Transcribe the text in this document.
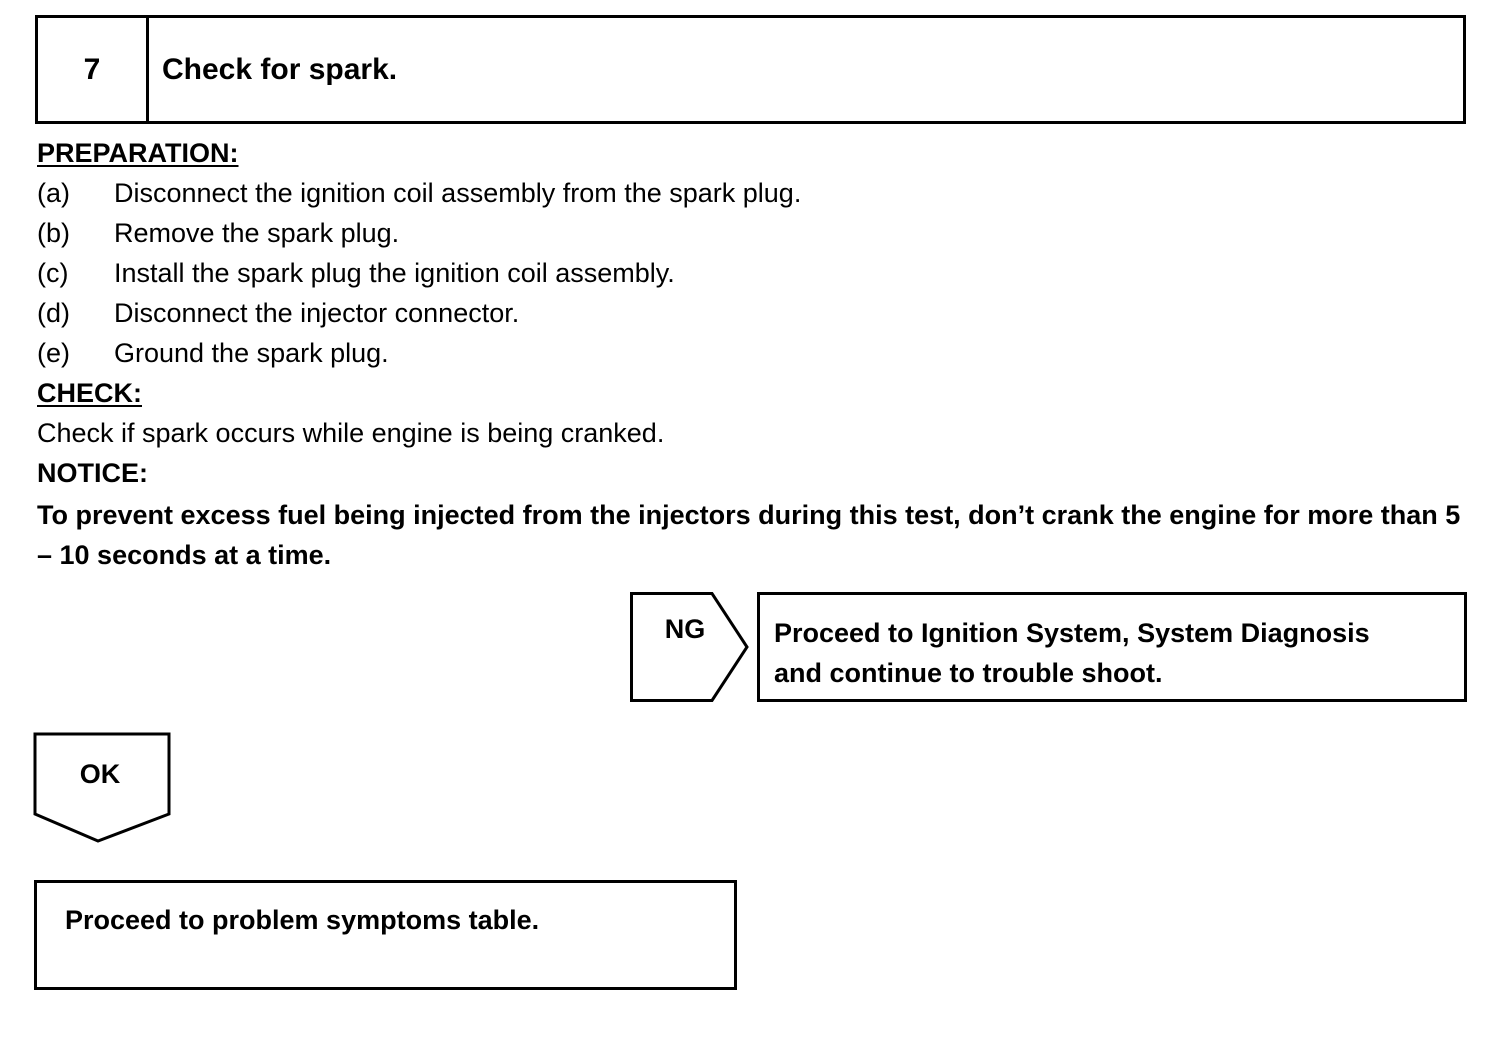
7	Check for spark.
PREPARATION:
(a)	Disconnect the ignition coil assembly from the spark plug.
(b)	Remove the spark plug.
(c)	Install the spark plug the ignition coil assembly.
(d)	Disconnect the injector connector.
(e)	Ground the spark plug.
CHECK:
Check if spark occurs while engine is being cranked.
NOTICE:
To prevent excess fuel being injected from the injectors during this test, don’t crank the engine for more than 5 – 10 seconds at a time.
NG	Proceed to Ignition System, System Diagnosis
and continue to trouble shoot.
OK
Proceed to problem symptoms table.
